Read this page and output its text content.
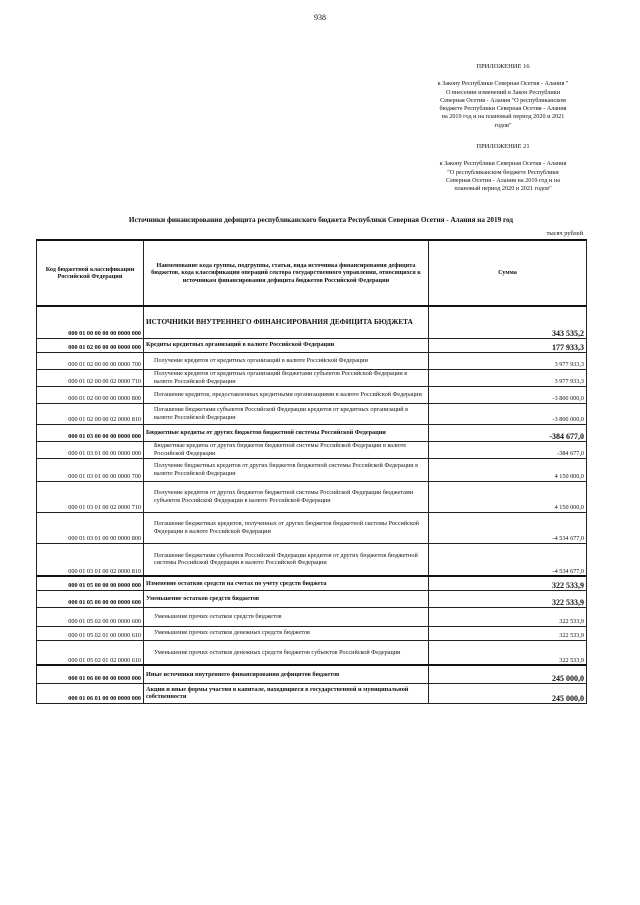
938
ПРИЛОЖЕНИЕ 16
к Закону Республики Северная Осетия - Алания "
О внесении изменений в Закон Республики
Северная Осетия - Алания "О республиканском
бюджете Республики Северная Осетия - Алания
на 2019 год и на плановый период 2020 и 2021
годов"
ПРИЛОЖЕНИЕ 21
к Закону Республики Северная Осетия - Алания
"О республиканском бюджете Республики
Северная Осетия - Алания на 2019 год и на
плановый период 2020 и 2021 годов"
Источники финансирования дефицита республиканского бюджета Республики Северная Осетия - Алания на 2019 год
тысяч рублей
Код бюджетной классификации Российской Федерации	Наименование кода группы, подгруппы, статьи, вида источника финансирования дефицита бюджетов, кода классификации операций сектора государственного управления, относящихся к источникам финансирования дефицита бюджетов Российской Федерации	Сумма
000 01 00 00 00 00 0000 000	ИСТОЧНИКИ ВНУТРЕННЕГО ФИНАНСИРОВАНИЯ ДЕФИЦИТА БЮДЖЕТА	343 535,2
000 01 02 00 00 00 0000 000	Кредиты кредитных организаций в валюте Российской Федерации	177 933,3
000 01 02 00 00 00 0000 700	Получение кредитов от кредитных организаций в валюте Российской Федерации	3 977 933,3
000 01 02 00 00 02 0000 710	Получение кредитов от кредитных организаций бюджетами субъектов Российской Федерации в валюте Российской Федерации	3 977 933,3
000 01 02 00 00 00 0000 800	Погашение кредитов, предоставленных кредитными организациями в валюте Российской Федерации	-3 800 000,0
000 01 02 00 00 02 0000 810	Погашение бюджетами субъектов Российской Федерации кредитов от кредитных организаций в валюте Российской Федерации	-3 800 000,0
000 01 03 00 00 00 0000 000	Бюджетные кредиты от других бюджетов бюджетной системы Российской Федерации	-384 677,0
000 01 03 01 00 00 0000 000	Бюджетные кредиты от других бюджетов бюджетной системы Российской Федерации в валюте Российской Федерации	-384 677,0
000 01 03 01 00 00 0000 700	Получение бюджетных кредитов от других бюджетов бюджетной системы Российской Федерации в валюте Российской Федерации	4 150 000,0
000 01 03 01 00 02 0000 710	Получение кредитов от других бюджетов бюджетной системы Российской Федерации бюджетами субъектов Российской Федерации в валюте Российской Федерации	4 150 000,0
000 01 03 01 00 00 0000 800	Погашение бюджетных кредитов, полученных от других бюджетов бюджетной системы Российской Федерации в валюте Российской Федерации	-4 534 677,0
000 01 03 01 00 02 0000 810	Погашение бюджетами субъектов Российской Федерации кредитов от других бюджетов бюджетной системы Российской Федерации в валюте Российской Федерации	-4 534 677,0
000 01 05 00 00 00 0000 000	Изменение остатков средств на счетах по учету средств бюджета	322 533,9
000 01 05 00 00 00 0000 600	Уменьшение остатков средств бюджетов	322 533,9
000 01 05 02 00 00 0000 600	Уменьшение прочих остатков средств бюджетов	322 533,9
000 01 05 02 01 00 0000 610	Уменьшение прочих остатков денежных средств бюджетов	322 533,9
000 01 05 02 01 02 0000 610	Уменьшение прочих остатков денежных средств бюджетов субъектов Российской Федерации	322 533,9
000 01 06 00 00 00 0000 000	Иные источники внутреннего финансирования дефицитов бюджетов	245 000,0
000 01 06 01 00 00 0000 000	Акции и иные формы участия в капитале, находящиеся в государственной и муниципальной собственности	245 000,0
